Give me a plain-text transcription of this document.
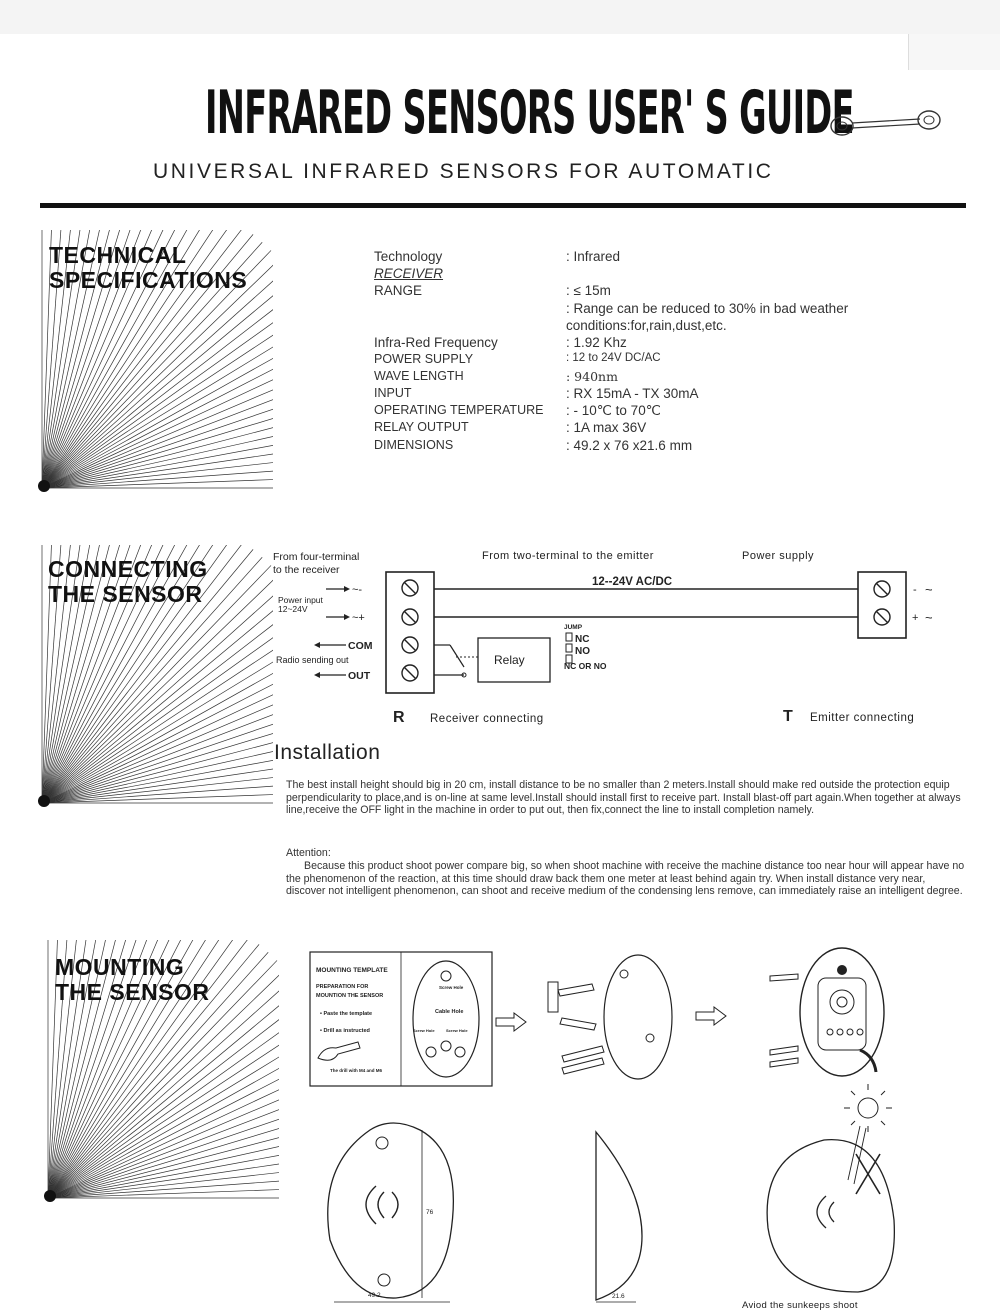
INFRARED SENSORS USER' S GUIDE
UNIVERSAL INFRARED SENSORS FOR AUTOMATIC
TECHNICAL
SPECIFICATIONS
CONNECTING
THE SENSOR
MOUNTING
THE SENSOR
Technology	: Infrared
RECEIVER
RANGE	: ≤ 15m
: Range can be reduced to 30% in bad weather
conditions:for,rain,dust,etc.
Infra-Red Frequency	: 1.92 Khz
POWER SUPPLY	: 12 to 24V DC/AC
WAVE LENGTH	: 940nm
INPUT	: RX 15mA - TX 30mA
OPERATING TEMPERATURE : - 10℃ to 70℃
RELAY OUTPUT	: 1A max 36V
DIMENSIONS	: 49.2 x 76 x21.6 mm
From four-terminal
to the receiver
From two-terminal to the emitter	Power supply
12--24V AC/DC
- ~
+ ~
~-
Power input
12~24V
~+
COM
Radio sending out
OUT
Relay
JUMP
NC
NO
NC OR NO
R Receiver connecting	T Emitter connecting
Installation
The best install height should big in 20 cm, install distance to be no smaller than 2 meters.Install should make red outside the protection equip perpendicularity to place,and is on-line at same level.Install should install first to receive part. Install blast-off part again.When together at always line,receive the OFF light in the machine in order to put out, then fix,connect the line to install completion namely.
Attention:
Because this product shoot power compare big, so when shoot machine with receive the machine distance too near hour will appear have no the phenomenon of the reaction, at this time should draw back them one meter at least behind again try. When install distance very near, discover not intelligent phenomenon, can shoot and receive medium of the condensing lens remove, can immediately raise an intelligent degree.
MOUNTING TEMPLATE
PREPARATION FOR
MOUNTION THE SENSOR
• Paste the template
• Drill as instructed
The drill with M4 and M6
Screw Hole
Cable Hole
Screw Hole	Screw Hole
76
49.2	21.6
Aviod the sunkeeps shoot
